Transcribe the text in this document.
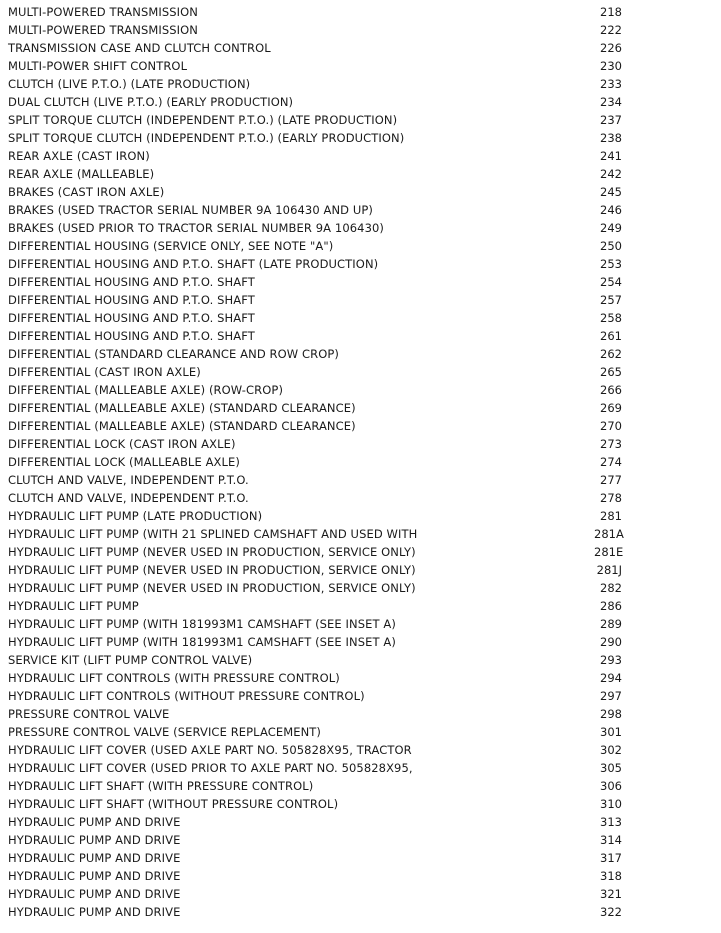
MULTI-POWERED TRANSMISSION	218
MULTI-POWERED TRANSMISSION	222
TRANSMISSION CASE AND CLUTCH CONTROL	226
MULTI-POWER SHIFT CONTROL	230
CLUTCH (LIVE P.T.O.) (LATE PRODUCTION)	233
DUAL CLUTCH (LIVE P.T.O.) (EARLY PRODUCTION)	234
SPLIT TORQUE CLUTCH (INDEPENDENT P.T.O.) (LATE PRODUCTION)	237
SPLIT TORQUE CLUTCH (INDEPENDENT P.T.O.) (EARLY PRODUCTION)	238
REAR AXLE (CAST IRON)	241
REAR AXLE (MALLEABLE)	242
BRAKES (CAST IRON AXLE)	245
BRAKES (USED TRACTOR SERIAL NUMBER 9A 106430 AND UP)	246
BRAKES (USED PRIOR TO TRACTOR SERIAL NUMBER 9A 106430)	249
DIFFERENTIAL HOUSING (SERVICE ONLY, SEE NOTE "A")	250
DIFFERENTIAL HOUSING AND P.T.O. SHAFT (LATE PRODUCTION)	253
DIFFERENTIAL HOUSING AND P.T.O. SHAFT	254
DIFFERENTIAL HOUSING AND P.T.O. SHAFT	257
DIFFERENTIAL HOUSING AND P.T.O. SHAFT	258
DIFFERENTIAL HOUSING AND P.T.O. SHAFT	261
DIFFERENTIAL (STANDARD CLEARANCE AND ROW CROP)	262
DIFFERENTIAL (CAST IRON AXLE)	265
DIFFERENTIAL (MALLEABLE AXLE) (ROW-CROP)	266
DIFFERENTIAL (MALLEABLE AXLE) (STANDARD CLEARANCE)	269
DIFFERENTIAL (MALLEABLE AXLE) (STANDARD CLEARANCE)	270
DIFFERENTIAL LOCK (CAST IRON AXLE)	273
DIFFERENTIAL LOCK (MALLEABLE AXLE)	274
CLUTCH AND VALVE, INDEPENDENT P.T.O.	277
CLUTCH AND VALVE, INDEPENDENT P.T.O.	278
HYDRAULIC LIFT PUMP (LATE PRODUCTION)	281
HYDRAULIC LIFT PUMP (WITH 21 SPLINED CAMSHAFT AND USED WITH	281A
HYDRAULIC LIFT PUMP (NEVER USED IN PRODUCTION, SERVICE ONLY)	281E
HYDRAULIC LIFT PUMP (NEVER USED IN PRODUCTION, SERVICE ONLY)	281J
HYDRAULIC LIFT PUMP (NEVER USED IN PRODUCTION, SERVICE ONLY)	282
HYDRAULIC LIFT PUMP	286
HYDRAULIC LIFT PUMP (WITH 181993M1 CAMSHAFT (SEE INSET A)	289
HYDRAULIC LIFT PUMP (WITH 181993M1 CAMSHAFT (SEE INSET A)	290
SERVICE KIT (LIFT PUMP CONTROL VALVE)	293
HYDRAULIC LIFT CONTROLS (WITH PRESSURE CONTROL)	294
HYDRAULIC LIFT CONTROLS (WITHOUT PRESSURE CONTROL)	297
PRESSURE CONTROL VALVE	298
PRESSURE CONTROL VALVE (SERVICE REPLACEMENT)	301
HYDRAULIC LIFT COVER (USED AXLE PART NO. 505828X95, TRACTOR	302
HYDRAULIC LIFT COVER (USED PRIOR TO AXLE PART NO. 505828X95,	305
HYDRAULIC LIFT SHAFT (WITH PRESSURE CONTROL)	306
HYDRAULIC LIFT SHAFT (WITHOUT PRESSURE CONTROL)	310
HYDRAULIC PUMP AND DRIVE	313
HYDRAULIC PUMP AND DRIVE	314
HYDRAULIC PUMP AND DRIVE	317
HYDRAULIC PUMP AND DRIVE	318
HYDRAULIC PUMP AND DRIVE	321
HYDRAULIC PUMP AND DRIVE	322
